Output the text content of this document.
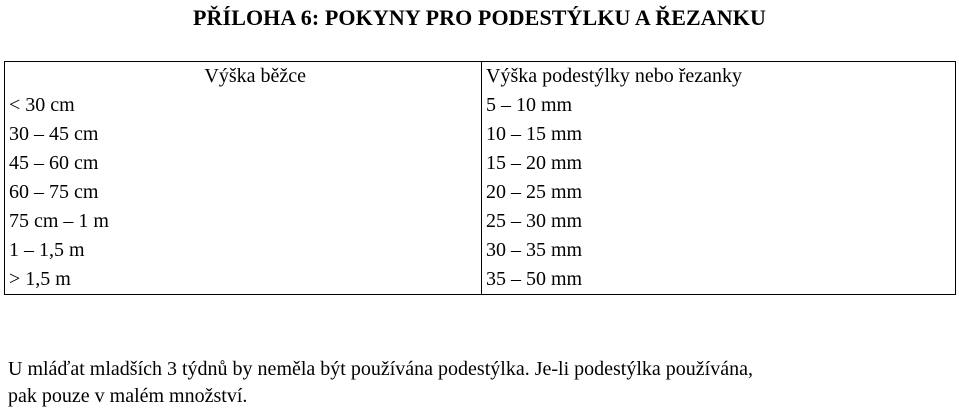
PŘÍLOHA 6: POKYNY PRO PODESTÝLKU A ŘEZANKU
Výška běžce	Výška podestýlky nebo řezanky
< 30 cm	5 – 10 mm
30 – 45 cm	10 – 15 mm
45 – 60 cm	15 – 20 mm
60 – 75 cm	20 – 25 mm
75 cm – 1 m	25 – 30 mm
1 – 1,5 m	30 – 35 mm
> 1,5 m	35 – 50 mm

U mláďat mladších 3 týdnů by neměla být používána podestýlka. Je-li podestýlka používána,

pak pouze v malém množství.
